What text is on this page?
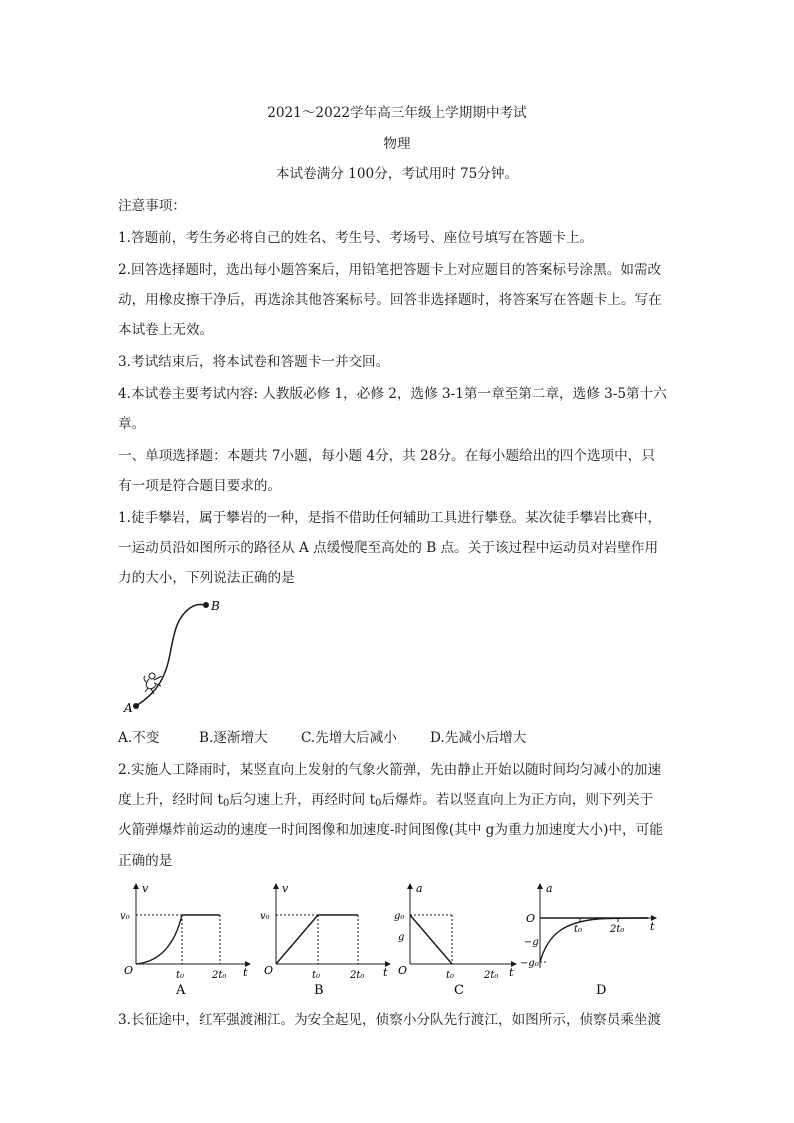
2021～2022学年高三年级上学期期中考试
物理
本试卷满分 100分，考试用时 75分钟。
注意事项：
1.答题前，考生务必将自己的姓名、考生号、考场号、座位号填写在答题卡上。
2.回答选择题时，选出每小题答案后，用铅笔把答题卡上对应题目的答案标号涂黑。如需改
动，用橡皮擦干净后，再选涂其他答案标号。回答非选择题时，将答案写在答题卡上。写在
本试卷上无效。
3.考试结束后，将本试卷和答题卡一并交回。
4.本试卷主要考试内容: 人教版必修 1，必修 2，选修 3-1第一章至第二章，选修 3-5第十六
章。
一、单项选择题：本题共 7小题，每小题 4分，共 28分。在每小题给出的四个选项中，只
有一项是符合题目要求的。
1.徒手攀岩，属于攀岩的一种，是指不借助任何辅助工具进行攀登。某次徒手攀岩比赛中，
一运动员沿如图所示的路径从 A 点缓慢爬至高处的 B 点。关于该过程中运动员对岩壁作用
力的大小，下列说法正确的是
A
B
A.不变	B.逐渐增大 C.先增大后减小 D.先减小后增大
2.实施人工降雨时，某竖直向上发射的气象火箭弹，先由静止开始以随时间均匀减小的加速
度上升，经时间 $t_0$后匀速上升，再经时间 $t_0$后爆炸。若以竖直向上为正方向，则下列关于
火箭弹爆炸前运动的速度一时间图像和加速度-时间图像(其中 g为重力加速度大小)中，可能
正确的是
v
t
O
v₀
t₀	2t₀
A
v
t
O
v₀
t₀	2t₀
B
a
t
O
g₀
g
t₀	2t₀
C
a
t
O
−g
−g₀
t₀	2t₀
D
3.长征途中，红军强渡湘江。为安全起见，侦察小分队先行渡江，如图所示，侦察员乘坐渡
